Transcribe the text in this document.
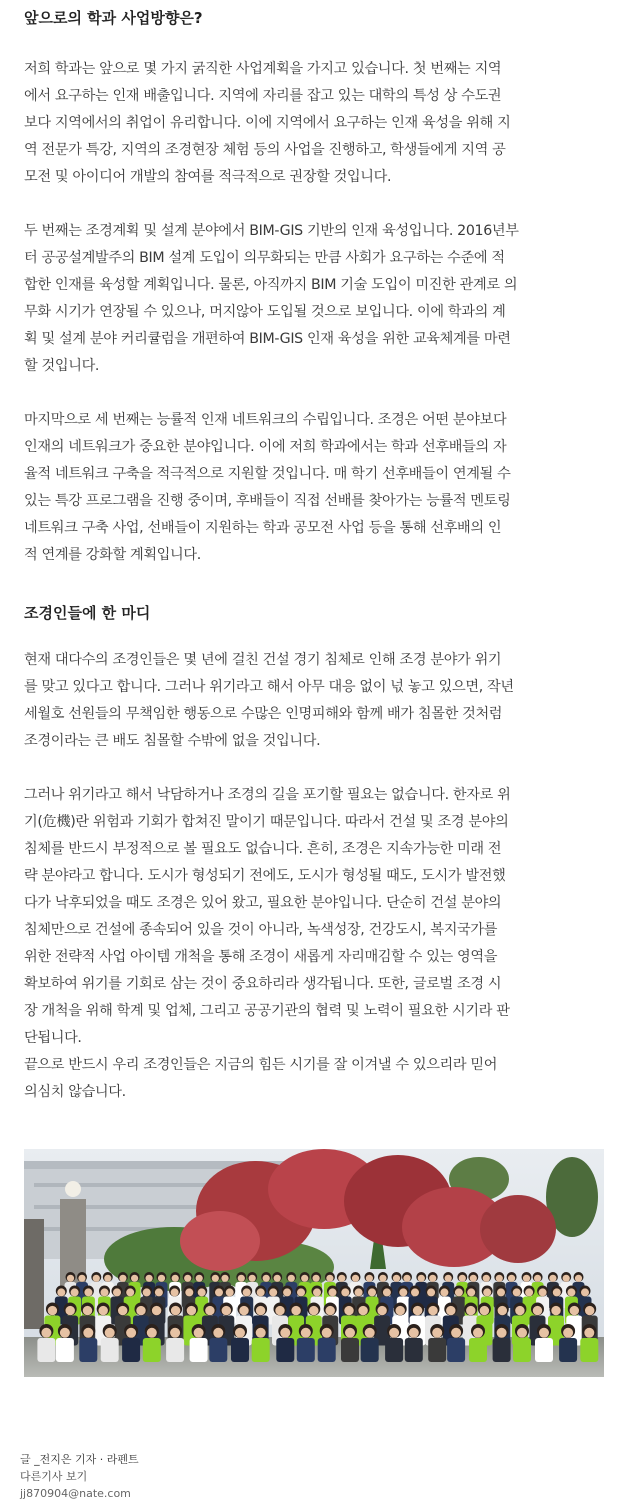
앞으로의 학과 사업방향은?

저희 학과는 앞으로 몇 가지 굵직한 사업계획을 가지고 있습니다. 첫 번째는 지역
에서 요구하는 인재 배출입니다. 지역에 자리를 잡고 있는 대학의 특성 상 수도권
보다 지역에서의 취업이 유리합니다. 이에 지역에서 요구하는 인재 육성을 위해 지
역 전문가 특강, 지역의 조경현장 체험 등의 사업을 진행하고, 학생들에게 지역 공
모전 및 아이디어 개발의 참여를 적극적으로 권장할 것입니다.

두 번째는 조경계획 및 설계 분야에서 BIM-GIS 기반의 인재 육성입니다. 2016년부
터 공공설계발주의 BIM 설계 도입이 의무화되는 만큼 사회가 요구하는 수준에 적
합한 인재를 육성할 계획입니다. 물론, 아직까지 BIM 기술 도입이 미진한 관계로 의
무화 시기가 연장될 수 있으나, 머지않아 도입될 것으로 보입니다. 이에 학과의 계
획 및 설계 분야 커리큘럼을 개편하여 BIM-GIS 인재 육성을 위한 교육체계를 마련
할 것입니다.

마지막으로 세 번째는 능률적 인재 네트워크의 수립입니다. 조경은 어떤 분야보다
인재의 네트워크가 중요한 분야입니다. 이에 저희 학과에서는 학과 선후배들의 자
율적 네트워크 구축을 적극적으로 지원할 것입니다. 매 학기 선후배들이 연계될 수
있는 특강 프로그램을 진행 중이며, 후배들이 직접 선배를 찾아가는 능률적 멘토링
네트워크 구축 사업, 선배들이 지원하는 학과 공모전 사업 등을 통해 선후배의 인
적 연계를 강화할 계획입니다.

조경인들에 한 마디

현재 대다수의 조경인들은 몇 년에 걸친 건설 경기 침체로 인해 조경 분야가 위기
를 맞고 있다고 합니다. 그러나 위기라고 해서 아무 대응 없이 넋 놓고 있으면, 작년
세월호 선원들의 무책임한 행동으로 수많은 인명피해와 함께 배가 침몰한 것처럼
조경이라는 큰 배도 침몰할 수밖에 없을 것입니다.

그러나 위기라고 해서 낙담하거나 조경의 길을 포기할 필요는 없습니다. 한자로 위
기(危機)란 위험과 기회가 합쳐진 말이기 때문입니다. 따라서 건설 및 조경 분야의
침체를 반드시 부정적으로 볼 필요도 없습니다. 흔히, 조경은 지속가능한 미래 전
략 분야라고 합니다. 도시가 형성되기 전에도, 도시가 형성될 때도, 도시가 발전했
다가 낙후되었을 때도 조경은 있어 왔고, 필요한 분야입니다. 단순히 건설 분야의
침체만으로 건설에 종속되어 있을 것이 아니라, 녹색성장, 건강도시, 복지국가를
위한 전략적 사업 아이템 개척을 통해 조경이 새롭게 자리매김할 수 있는 영역을
확보하여 위기를 기회로 삼는 것이 중요하리라 생각됩니다. 또한, 글로벌 조경 시
장 개척을 위해 학계 및 업체, 그리고 공공기관의 협력 및 노력이 필요한 시기라 판
단됩니다.
끝으로 반드시 우리 조경인들은 지금의 힘든 시기를 잘 이겨낼 수 있으리라 믿어
의심치 않습니다.

글 _전지은 기자 · 라펜트
다른기사 보기
jj870904@nate.com
